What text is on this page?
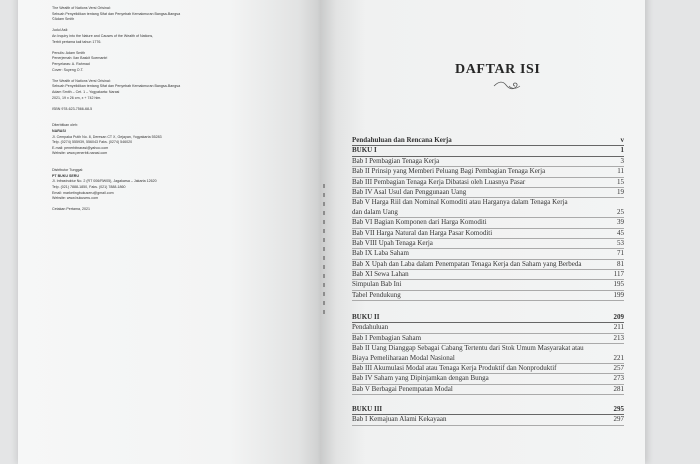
The Wealth of Nations Versi Orisinal:
Sebuah Penyelidikan tentang Sifat dan Penyebab Kemakmuran Bangsa-Bangsa
©Adam Smith
Judul Asli:
An Inquiry into the Nature and Causes of the Wealth of Nations,
Terbit pertama kali tahun 1776.
Penulis: Adam Smith
Penerjemah: Ilan Baskit Soemantri
Penyelaras: A. Rahmad
Cover: Suyeng O.T.
The Wealth of Nations Versi Orisinal:
Sebuah Penyelidikan tentang Sifat dan Penyebab Kemakmuran Bangsa-Bangsa
Adam Smith – Cet. 1 – Yogyakarta: Narasi
2021, 19 x 26 cm, x + 742 hlm.
ISBN 978-623-7566-68-5
Diterbitkan oleh:
NARASI
Jl. Cempaka Putih No. 8, Deresan CT X, Gejayan, Yogyakarta 55283
Telp. (0274) 555939, 556043 Faks. (0274) 546020
E-mail: penerbitnarasi@yahoo.com
Website: www.penerbit-narasi.com
Distributor Tunggal:
PT BUKU SERU
Jl. Infrastruktur No. 2 (RT 006/RW05), Jagakarsa – Jakarta 12620
Telp. (021) 7888-1850, Faks. (021) 7888-1860
Email: marketingbukuseru@gmail.com
Website: www.bukuseru.com
Cetakan Pertama, 2021
DAFTAR ISI
Pendahuluan dan Rencana Kerja	v
BUKU I	1
Bab I Pembagian Tenaga Kerja	3
Bab II Prinsip yang Memberi Peluang Bagi Pembagian Tenaga Kerja	11
Bab III Pembagian Tenaga Kerja Dibatasi oleh Luasnya Pasar	15
Bab IV Asal Usul dan Penggunaan Uang	19
Bab V Harga Riil dan Nominal Komoditi atau Harganya dalam Tenaga Kerja
dan dalam Uang	25
Bab VI Bagian Komponen dari Harga Komoditi	39
Bab VII Harga Natural dan Harga Pasar Komoditi	45
Bab VIII Upah Tenaga Kerja	53
Bab IX Laba Saham	71
Bab X Upah dan Laba dalam Penempatan Tenaga Kerja dan Saham yang Berbeda	81
Bab XI Sewa Lahan	117
Simpulan Bab Ini	195
Tabel Pendukung	199
BUKU II	209
Pendahuluan	211
Bab I Pembagian Saham	213
Bab II Uang Dianggap Sebagai Cabang Tertentu dari Stok Umum Masyarakat atau
Biaya Pemeliharaan Modal Nasional	221
Bab III Akumulasi Modal atau Tenaga Kerja Produktif dan Nonproduktif	257
Bab IV Saham yang Dipinjamkan dengan Bunga	273
Bab V Berbagai Penempatan Modal	281
BUKU III	295
Bab I Kemajuan Alami Kekayaan	297
